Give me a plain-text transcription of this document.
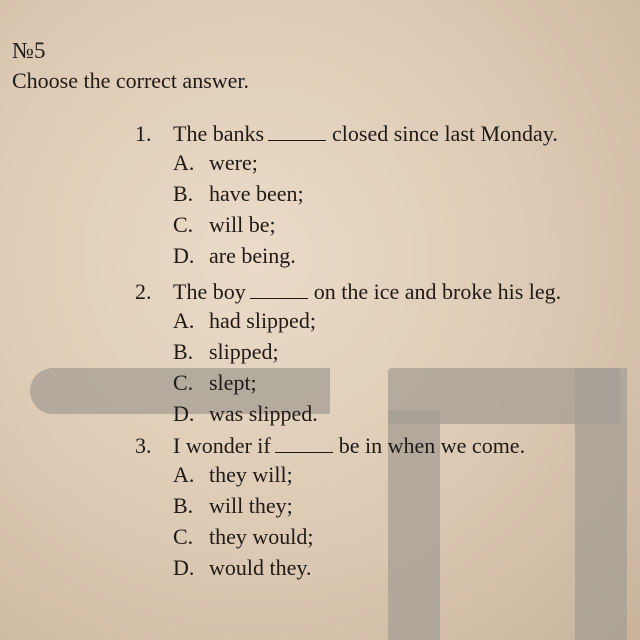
№5
Choose the correct answer.
1. The banks	closed since last Monday.
A. were;
B. have been;
C. will be;
D. are being.
2. The boy	on the ice and broke his leg.
A. had slipped;
B. slipped;
C. slept;
D. was slipped.
3. I wonder if	be in when we come.
A. they will;
B. will they;
C. they would;
D. would they.
